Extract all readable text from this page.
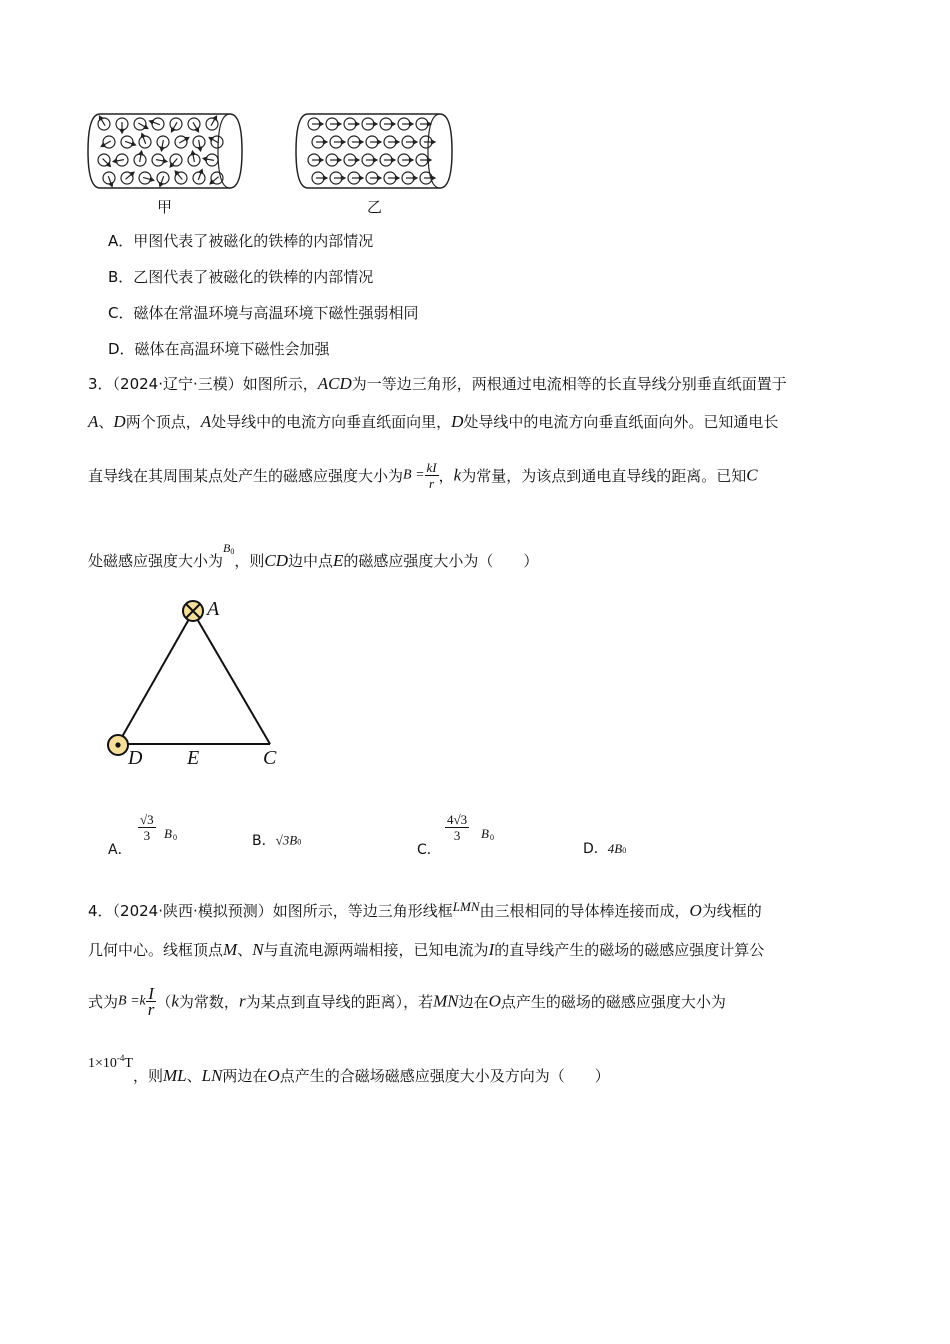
甲	乙
A．甲图代表了被磁化的铁棒的内部情况
B．乙图代表了被磁化的铁棒的内部情况
C．磁体在常温环境与高温环境下磁性强弱相同
D．磁体在高温环境下磁性会加强
3．（2024·辽宁·三模）如图所示，ACD为一等边三角形，两根通过电流相等的长直导线分别垂直纸面置于
A、D两个顶点，A处导线中的电流方向垂直纸面向里，D处导线中的电流方向垂直纸面向外。已知通电长
直导线在其周围某点处产生的磁感应强度大小为$B = \frac{kI}{r}$ ，k为常量，为该点到通电直导线的距离。已知C
处磁感应强度大小为$^{B0}$，则CD边中点E的磁感应强度大小为（　　）
A
D E	C
A．
$\frac{√3}{3}$ B 0	B．√3B0	C．
$\frac{4√3}{3}$ B 0
D．4B0
4．（2024·陕西·模拟预测）如图所示，等边三角形线框LMN由三根相同的导体棒连接而成，O为线框的
几何中心。线框顶点M、N与直流电源两端相接，已知电流为I的直导线产生的磁场的磁感应强度计算公
式为$B =k \frac{I}{r} (k$为常数，r为某点到直导线的距离），若MN边在O点产生的磁场的磁感应强度大小为
$1\times 10^{-4}T$，则ML、LN两边在O点产生的合磁场磁感应强度大小及方向为（　　）
